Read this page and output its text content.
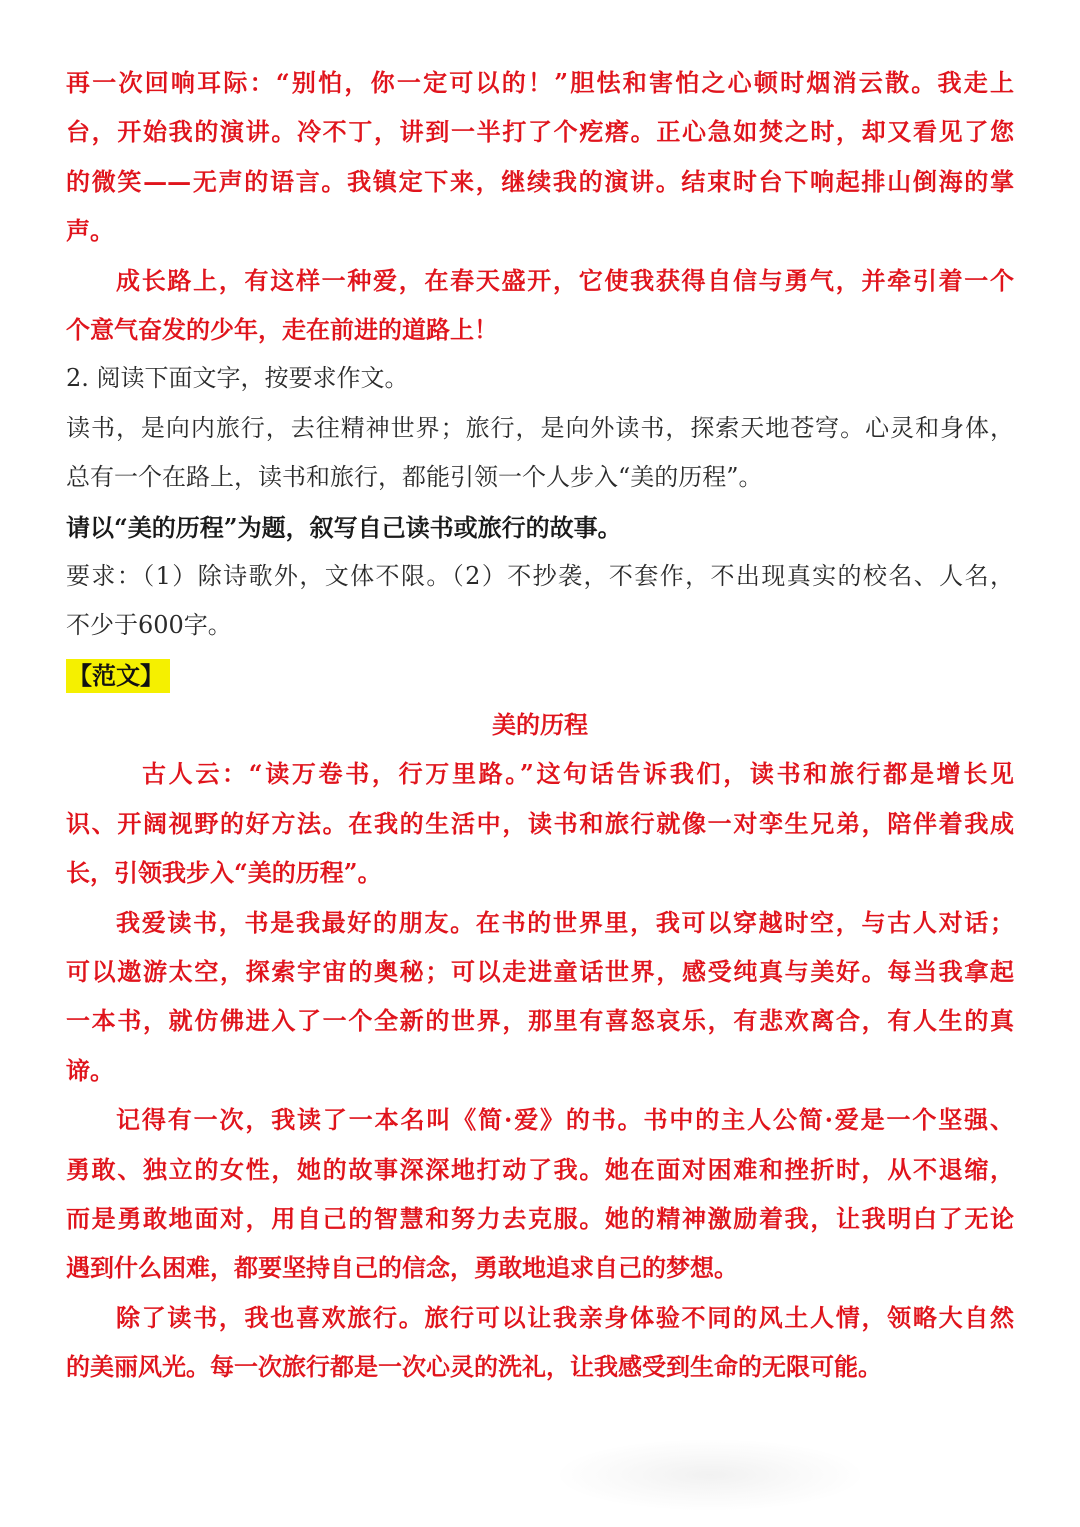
再一次回响耳际：“别怕，你一定可以的！”胆怯和害怕之心顿时烟消云散。我走上
台，开始我的演讲。冷不丁，讲到一半打了个疙瘩。正心急如焚之时，却又看见了您
的微笑——无声的语言。我镇定下来，继续我的演讲。结束时台下响起排山倒海的掌
声。
成长路上，有这样一种爱，在春天盛开，它使我获得自信与勇气，并牵引着一个
个意气奋发的少年，走在前进的道路上！
2. 阅读下面文字，按要求作文。
读书，是向内旅行，去往精神世界；旅行，是向外读书，探索天地苍穹。心灵和身体，
总有一个在路上，读书和旅行，都能引领一个人步入“美的历程”。
请以“美的历程”为题，叙写自己读书或旅行的故事。
要求：（1）除诗歌外，文体不限。（2）不抄袭，不套作，不出现真实的校名、人名，
不少于600字。
【范文】
美的历程
古人云：“读万卷书，行万里路。”这句话告诉我们，读书和旅行都是增长见
识、开阔视野的好方法。在我的生活中，读书和旅行就像一对孪生兄弟，陪伴着我成
长，引领我步入“美的历程”。
我爱读书，书是我最好的朋友。在书的世界里，我可以穿越时空，与古人对话；
可以遨游太空，探索宇宙的奥秘；可以走进童话世界，感受纯真与美好。每当我拿起
一本书，就仿佛进入了一个全新的世界，那里有喜怒哀乐，有悲欢离合，有人生的真
谛。
记得有一次，我读了一本名叫《简·爱》的书。书中的主人公简·爱是一个坚强、
勇敢、独立的女性，她的故事深深地打动了我。她在面对困难和挫折时，从不退缩，
而是勇敢地面对，用自己的智慧和努力去克服。她的精神激励着我，让我明白了无论
遇到什么困难，都要坚持自己的信念，勇敢地追求自己的梦想。
除了读书，我也喜欢旅行。旅行可以让我亲身体验不同的风土人情，领略大自然
的美丽风光。每一次旅行都是一次心灵的洗礼，让我感受到生命的无限可能。
